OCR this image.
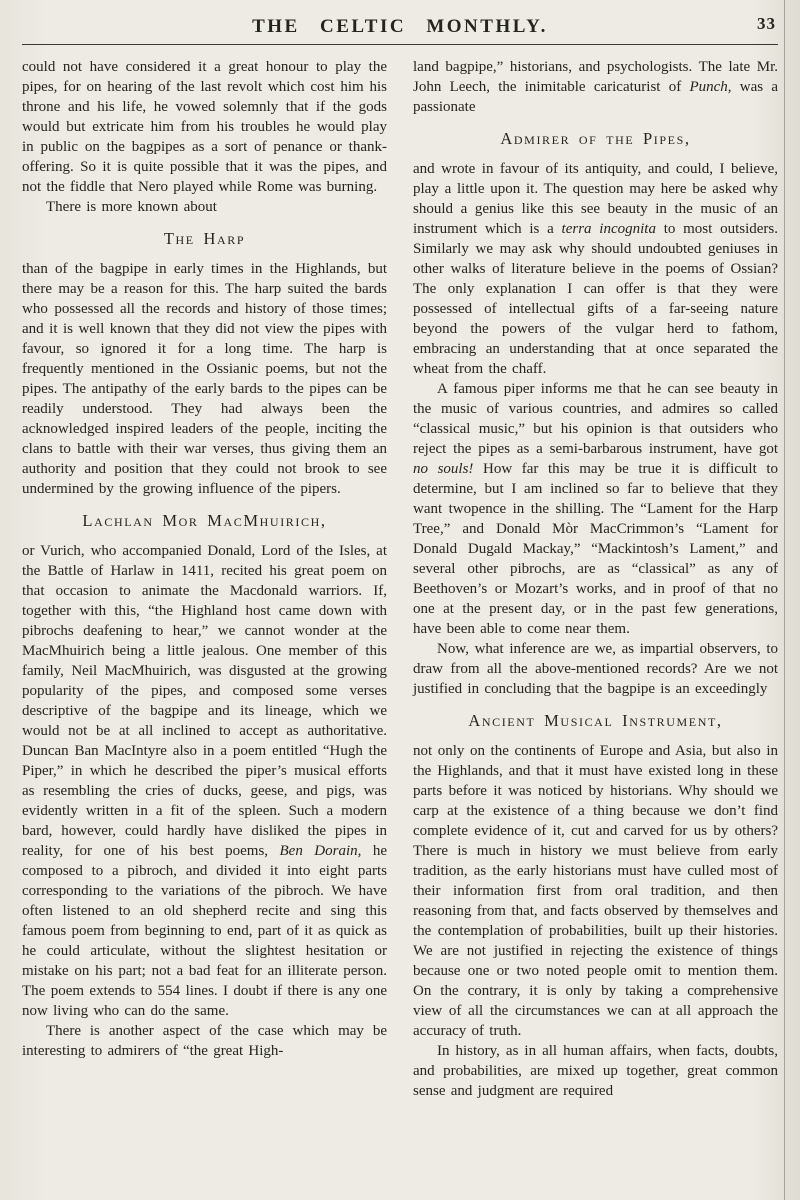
THE CELTIC MONTHLY.	33

could not have considered it a great honour to play the pipes, for on hearing of the last revolt which cost him his throne and his life, he vowed solemnly that if the gods would but extricate him from his troubles he would play in public on the bagpipes as a sort of penance or thank-offering. So it is quite possible that it was the pipes, and not the fiddle that Nero played while Rome was burning.

There is more known about

The Harp

than of the bagpipe in early times in the Highlands, but there may be a reason for this. The harp suited the bards who possessed all the records and history of those times; and it is well known that they did not view the pipes with favour, so ignored it for a long time. The harp is frequently mentioned in the Ossianic poems, but not the pipes. The antipathy of the early bards to the pipes can be readily understood. They had always been the acknowledged inspired leaders of the people, inciting the clans to battle with their war verses, thus giving them an authority and position that they could not brook to see undermined by the growing influence of the pipers.

Lachlan Mor MacMhuirich,

or Vurich, who accompanied Donald, Lord of the Isles, at the Battle of Harlaw in 1411, recited his great poem on that occasion to animate the Macdonald warriors. If, together with this, “the Highland host came down with pibrochs deafening to hear,” we cannot wonder at the MacMhuirich being a little jealous. One member of this family, Neil MacMhuirich, was disgusted at the growing popularity of the pipes, and composed some verses descriptive of the bagpipe and its lineage, which we would not be at all inclined to accept as authoritative. Duncan Ban MacIntyre also in a poem entitled “Hugh the Piper,” in which he described the piper’s musical efforts as resembling the cries of ducks, geese, and pigs, was evidently written in a fit of the spleen. Such a modern bard, however, could hardly have disliked the pipes in reality, for one of his best poems, Ben Dorain, he composed to a pibroch, and divided it into eight parts corresponding to the variations of the pibroch. We have often listened to an old shepherd recite and sing this famous poem from beginning to end, part of it as quick as he could articulate, without the slightest hesitation or mistake on his part; not a bad feat for an illiterate person. The poem extends to 554 lines. I doubt if there is any one now living who can do the same.

There is another aspect of the case which may be interesting to admirers of “the great High-

land bagpipe,” historians, and psychologists. The late Mr. John Leech, the inimitable caricaturist of Punch, was a passionate

Admirer of the Pipes,

and wrote in favour of its antiquity, and could, I believe, play a little upon it. The question may here be asked why should a genius like this see beauty in the music of an instrument which is a terra incognita to most outsiders. Similarly we may ask why should undoubted geniuses in other walks of literature believe in the poems of Ossian? The only explanation I can offer is that they were possessed of intellectual gifts of a far-seeing nature beyond the powers of the vulgar herd to fathom, embracing an understanding that at once separated the wheat from the chaff.

A famous piper informs me that he can see beauty in the music of various countries, and admires so called “classical music,” but his opinion is that outsiders who reject the pipes as a semi-barbarous instrument, have got no souls! How far this may be true it is difficult to determine, but I am inclined so far to believe that they want twopence in the shilling. The “Lament for the Harp Tree,” and Donald Mòr MacCrimmon’s “Lament for Donald Dugald Mackay,” “Mackintosh’s Lament,” and several other pibrochs, are as “classical” as any of Beethoven’s or Mozart’s works, and in proof of that no one at the present day, or in the past few generations, have been able to come near them.

Now, what inference are we, as impartial observers, to draw from all the above-mentioned records? Are we not justified in concluding that the bagpipe is an exceedingly

Ancient Musical Instrument,

not only on the continents of Europe and Asia, but also in the Highlands, and that it must have existed long in these parts before it was noticed by historians. Why should we carp at the existence of a thing because we don’t find complete evidence of it, cut and carved for us by others? There is much in history we must believe from early tradition, as the early historians must have culled most of their information first from oral tradition, and then reasoning from that, and facts observed by themselves and the contemplation of probabilities, built up their histories. We are not justified in rejecting the existence of things because one or two noted people omit to mention them. On the contrary, it is only by taking a comprehensive view of all the circumstances we can at all approach the accuracy of truth.

In history, as in all human affairs, when facts, doubts, and probabilities, are mixed up together, great common sense and judgment are required
